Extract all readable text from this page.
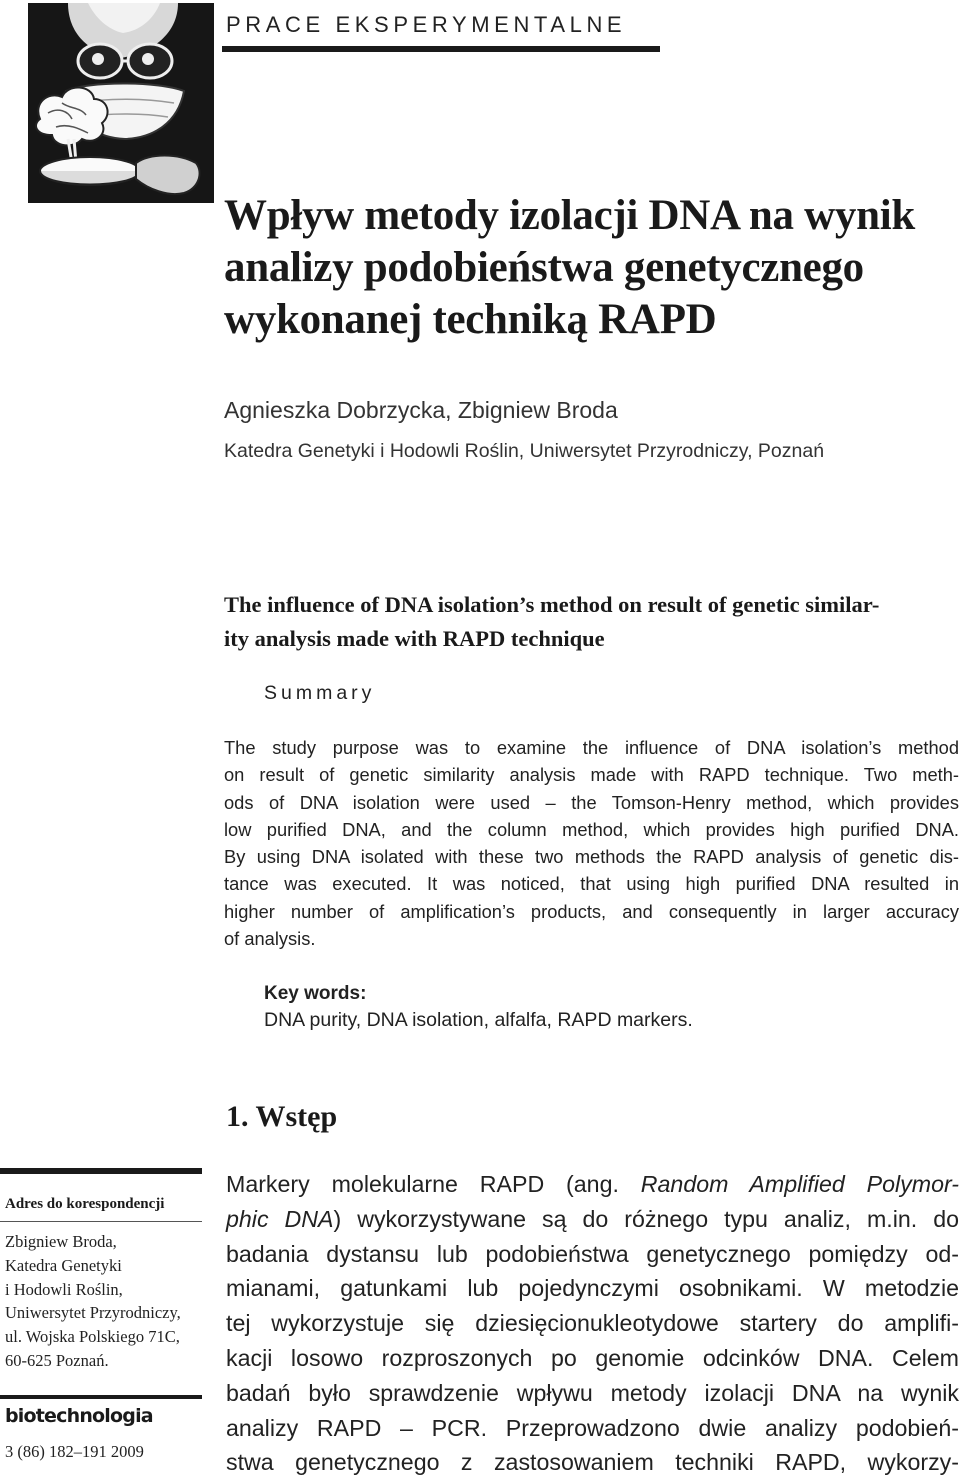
PRACE EKSPERYMENTALNE
Wpływ metody izolacji DNA na wynik
analizy podobieństwa genetycznego
wykonanej techniką RAPD
Agnieszka Dobrzycka, Zbigniew Broda
Katedra Genetyki i Hodowli Roślin, Uniwersytet Przyrodniczy, Poznań
The influence of DNA isolation’s method on result of genetic similar-
ity analysis made with RAPD technique
Summary

The study purpose was to examine the influence of DNA isolation’s method
on result of genetic similarity analysis made with RAPD technique. Two meth-
ods of DNA isolation were used – the Tomson-Henry method, which provides
low purified DNA, and the column method, which provides high purified DNA.
By using DNA isolated with these two methods the RAPD analysis of genetic dis-
tance was executed. It was noticed, that using high purified DNA resulted in
higher number of amplification’s products, and consequently in larger accuracy
of analysis.

Key words:
DNA purity, DNA isolation, alfalfa, RAPD markers.
1. Wstęp

Markery molekularne RAPD (ang. Random Amplified Polymor-
phic DNA) wykorzystywane są do różnego typu analiz, m.in. do
badania dystansu lub podobieństwa genetycznego pomiędzy od-
mianami, gatunkami lub pojedynczymi osobnikami. W metodzie
tej wykorzystuje się dziesięcionukleotydowe startery do amplifi-
kacji losowo rozproszonych po genomie odcinków DNA. Celem
badań było sprawdzenie wpływu metody izolacji DNA na wynik
analizy RAPD – PCR. Przeprowadzono dwie analizy podobień-
stwa genetycznego z zastosowaniem techniki RAPD, wykorzy-

Adres do korespondencji

Zbigniew Broda,
Katedra Genetyki
i Hodowli Roślin,
Uniwersytet Przyrodniczy,
ul. Wojska Polskiego 71C,
60-625 Poznań.

biotechnologia
3 (86) 182–191 2009
